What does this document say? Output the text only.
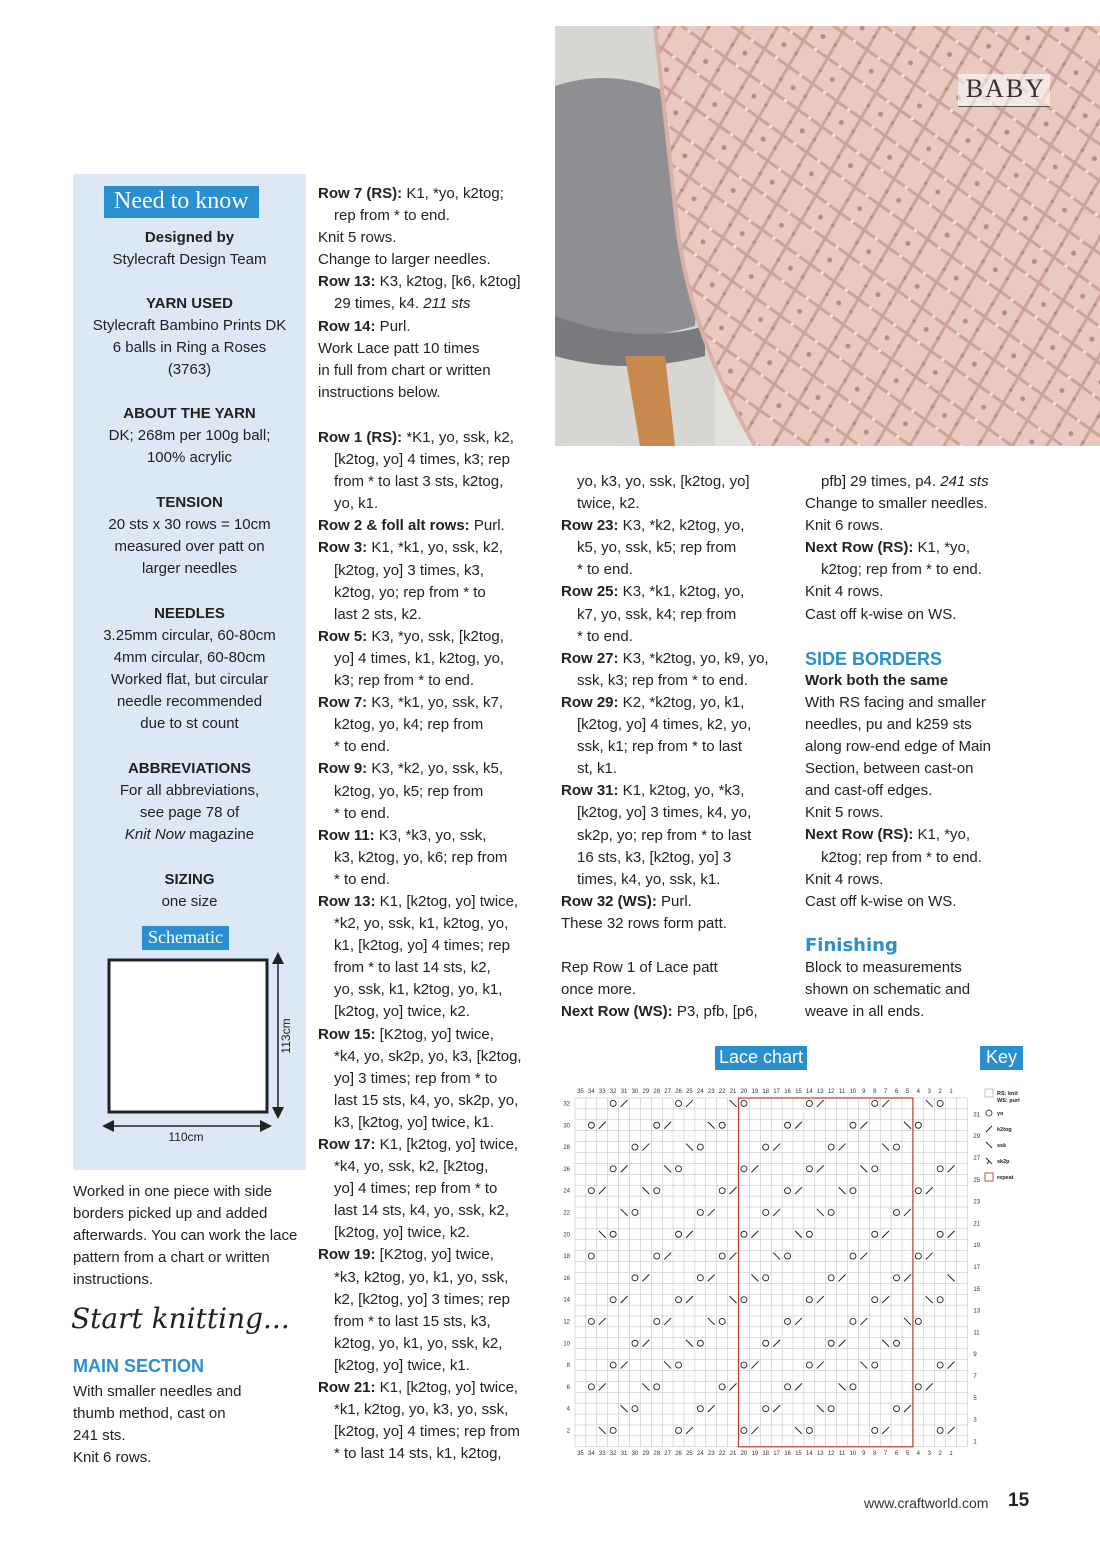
BABY
Need to know
Designed by
Stylecraft Design Team
YARN USED
Stylecraft Bambino Prints DK
6 balls in Ring a Roses
(3763)
ABOUT THE YARN
DK; 268m per 100g ball;
100% acrylic
TENSION
20 sts x 30 rows = 10cm
measured over patt on
larger needles
NEEDLES
3.25mm circular, 60-80cm
4mm circular, 60-80cm
Worked flat, but circular
needle recommended
due to st count
ABBREVIATIONS
For all abbreviations,
see page 78 of
Knit Now magazine
SIZING
one size
Schematic
110cm
113cm
Worked in one piece with side borders picked up and added afterwards. You can work the lace pattern from a chart or written instructions.
Start knitting...
MAIN SECTION
With smaller needles and
thumb method, cast on
241 sts.
Knit 6 rows.

Row 7 (RS): K1, *yo, k2tog;

rep from * to end.

Knit 5 rows.

Change to larger needles.

Row 13: K3, k2tog, [k6, k2tog]

29 times, k4. 211 sts

Row 14: Purl.

Work Lace patt 10 times

in full from chart or written

instructions below.

Row 1 (RS): *K1, yo, ssk, k2,

[k2tog, yo] 4 times, k3; rep

from * to last 3 sts, k2tog,

yo, k1.

Row 2 & foll alt rows: Purl.

Row 3: K1, *k1, yo, ssk, k2,

[k2tog, yo] 3 times, k3,

k2tog, yo; rep from * to

last 2 sts, k2.

Row 5: K3, *yo, ssk, [k2tog,

yo] 4 times, k1, k2tog, yo,

k3; rep from * to end.

Row 7: K3, *k1, yo, ssk, k7,

k2tog, yo, k4; rep from

* to end.

Row 9: K3, *k2, yo, ssk, k5,

k2tog, yo, k5; rep from

* to end.

Row 11: K3, *k3, yo, ssk,

k3, k2tog, yo, k6; rep from

* to end.

Row 13: K1, [k2tog, yo] twice,

*k2, yo, ssk, k1, k2tog, yo,

k1, [k2tog, yo] 4 times; rep

from * to last 14 sts, k2,

yo, ssk, k1, k2tog, yo, k1,

[k2tog, yo] twice, k2.

Row 15: [K2tog, yo] twice,

*k4, yo, sk2p, yo, k3, [k2tog,

yo] 3 times; rep from * to

last 15 sts, k4, yo, sk2p, yo,

k3, [k2tog, yo] twice, k1.

Row 17: K1, [k2tog, yo] twice,

*k4, yo, ssk, k2, [k2tog,

yo] 4 times; rep from * to

last 14 sts, k4, yo, ssk, k2,

[k2tog, yo] twice, k2.

Row 19: [K2tog, yo] twice,

*k3, k2tog, yo, k1, yo, ssk,

k2, [k2tog, yo] 3 times; rep

from * to last 15 sts, k3,

k2tog, yo, k1, yo, ssk, k2,

[k2tog, yo] twice, k1.

Row 21: K1, [k2tog, yo] twice,

*k1, k2tog, yo, k3, yo, ssk,

[k2tog, yo] 4 times; rep from

* to last 14 sts, k1, k2tog,

yo, k3, yo, ssk, [k2tog, yo]

twice, k2.

Row 23: K3, *k2, k2tog, yo,

k5, yo, ssk, k5; rep from

* to end.

Row 25: K3, *k1, k2tog, yo,

k7, yo, ssk, k4; rep from

* to end.

Row 27: K3, *k2tog, yo, k9, yo,

ssk, k3; rep from * to end.

Row 29: K2, *k2tog, yo, k1,

[k2tog, yo] 4 times, k2, yo,

ssk, k1; rep from * to last

st, k1.

Row 31: K1, k2tog, yo, *k3,

[k2tog, yo] 3 times, k4, yo,

sk2p, yo; rep from * to last

16 sts, k3, [k2tog, yo] 3

times, k4, yo, ssk, k1.

Row 32 (WS): Purl.

These 32 rows form patt.

Rep Row 1 of Lace patt

once more.

Next Row (WS): P3, pfb, [p6,

pfb] 29 times, p4. 241 sts

Change to smaller needles.

Knit 6 rows.

Next Row (RS): K1, *yo,

k2tog; rep from * to end.

Knit 4 rows.

Cast off k-wise on WS.

SIDE BORDERS

Work both the same

With RS facing and smaller

needles, pu and k259 sts

along row-end edge of Main

Section, between cast-on

and cast-off edges.

Knit 5 rows.

Next Row (RS): K1, *yo,

k2tog; rep from * to end.

Knit 4 rows.

Cast off k-wise on WS.

Finishing
Block to measurements
shown on schematic and
weave in all ends.
Lace chart	Key
35
35
34
34
33
33
32
32
31
31
30
30
29
29
28
28
27
27
26
26
25
25
24
24
23
23
22
22
21
21
20
20
19
19
18
18
17
17
16
16
15
15
14
14
13
13
12
12
11
11
10
10
9
9
8
8
7
7
6
6
5
5
4
4
3
3
2
2
1
1
31
29
27
25
23
21
19
17
15
13
11
9
7
5
3
1
32
30
28
26
24
22
20
18
16
14
12
10
8
6
4
2
RS: knit
WS: purl
yo
k2tog
ssk
sk2p
repeat
www.craftworld.com 15
